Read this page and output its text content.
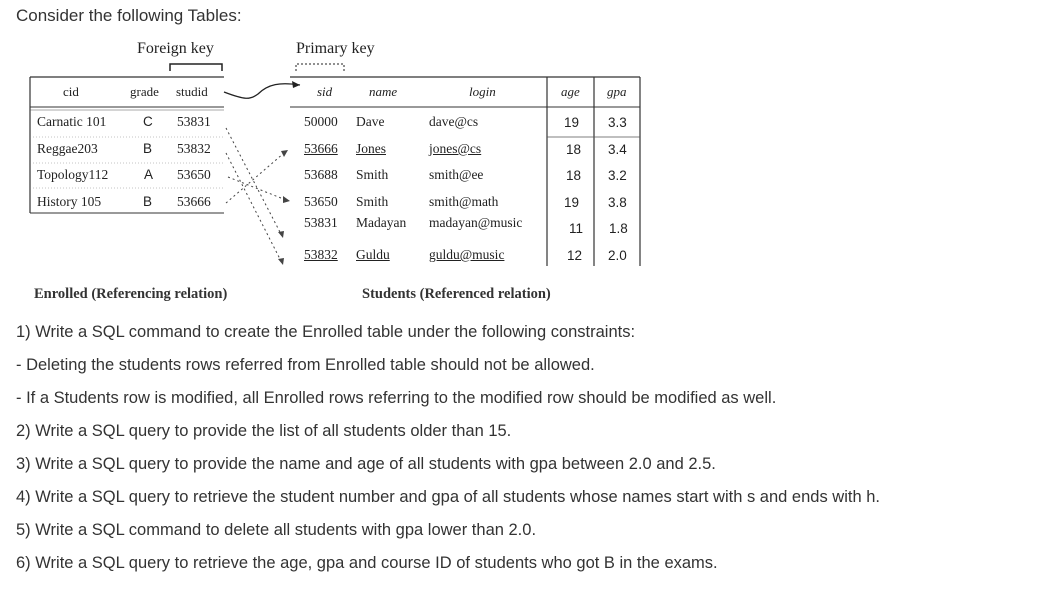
Consider the following Tables:
Foreign key	Primary key
cid	grade studid
Carnatic 101	C 53831
Reggae203	B 53832
Topology112	A 53650
History 105	B 53666
sid	name	login	age gpa
50000 Dave	dave@cs	19 3.3
53666 Jones	jones@cs	18 3.4
53688 Smith	smith@ee	18 3.2
53650 Smith	smith@math	19 3.8
53831 Madayan madayan@music	11 1.8
53832 Guldu	guldu@music	12 2.0
Enrolled (Referencing relation)	Students (Referenced relation)
1) Write a SQL command to create the Enrolled table under the following constraints:
- Deleting the students rows referred from Enrolled table should not be allowed.
- If a Students row is modified, all Enrolled rows referring to the modified row should be modified as well.
2) Write a SQL query to provide the list of all students older than 15.
3) Write a SQL query to provide the name and age of all students with gpa between 2.0 and 2.5.
4) Write a SQL query to retrieve the student number and gpa of all students whose names start with s and ends with h.
5) Write a SQL command to delete all students with gpa lower than 2.0.
6) Write a SQL query to retrieve the age, gpa and course ID of students who got B in the exams.
